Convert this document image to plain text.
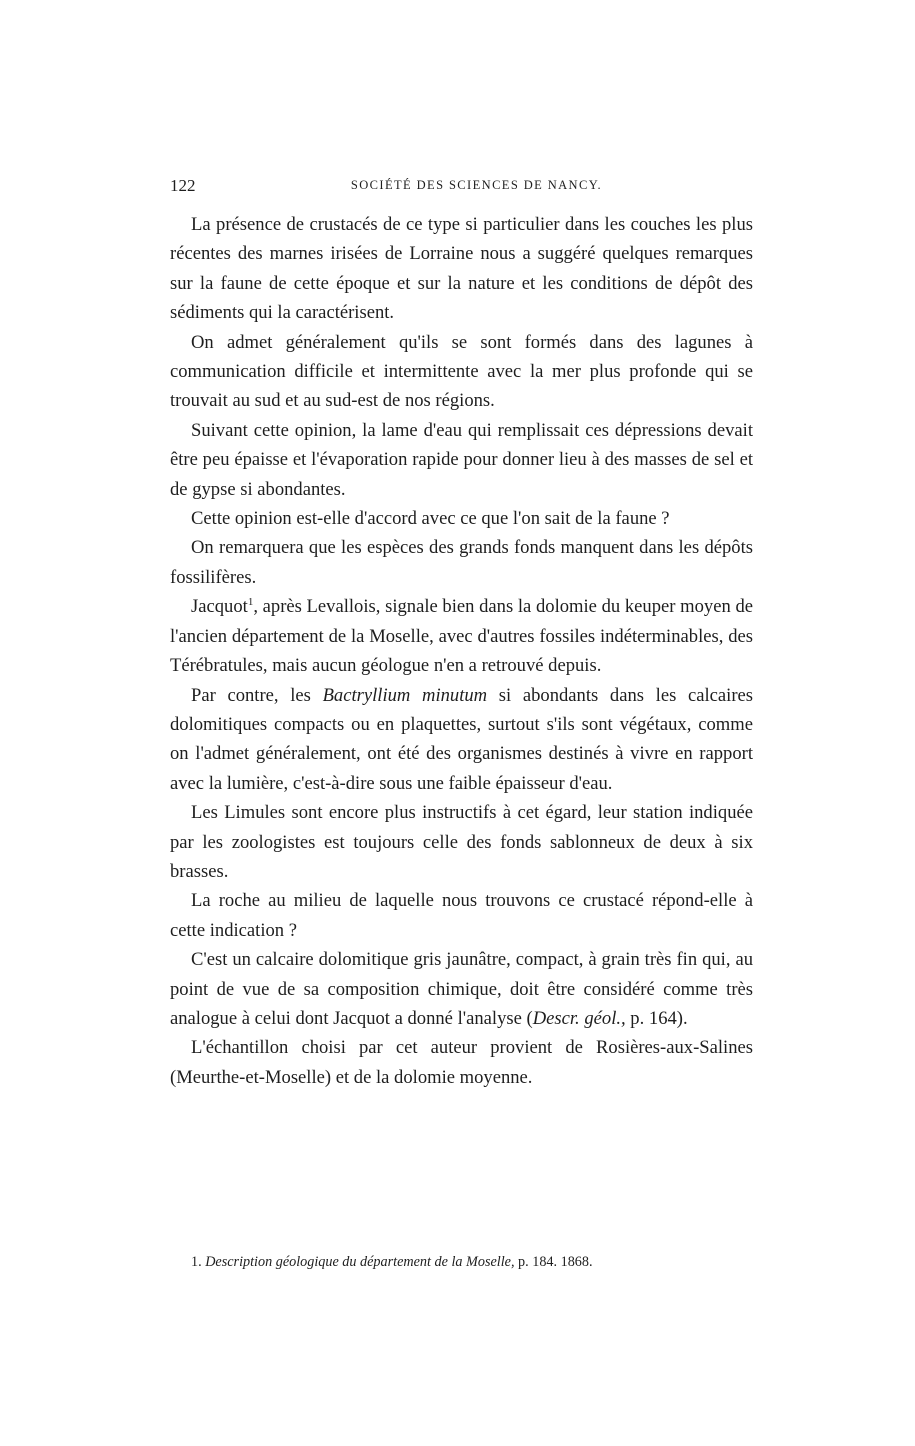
122	SOCIÉTÉ DES SCIENCES DE NANCY.

La présence de crustacés de ce type si particulier dans les couches les plus récentes des marnes irisées de Lorraine nous a suggéré quelques remarques sur la faune de cette époque et sur la nature et les conditions de dépôt des sédiments qui la caractérisent.

On admet généralement qu'ils se sont formés dans des lagunes à communication difficile et intermittente avec la mer plus profonde qui se trouvait au sud et au sud-est de nos régions.

Suivant cette opinion, la lame d'eau qui remplissait ces dépressions devait être peu épaisse et l'évaporation rapide pour donner lieu à des masses de sel et de gypse si abondantes.

Cette opinion est-elle d'accord avec ce que l'on sait de la faune ?

On remarquera que les espèces des grands fonds manquent dans les dépôts fossilifères.

Jacquot$^1$, après Levallois, signale bien dans la dolomie du keuper moyen de l'ancien département de la Moselle, avec d'autres fossiles indéterminables, des Térébratules, mais aucun géologue n'en a retrouvé depuis.

Par contre, les Bactryllium minutum si abondants dans les calcaires dolomitiques compacts ou en plaquettes, surtout s'ils sont végétaux, comme on l'admet généralement, ont été des organismes destinés à vivre en rapport avec la lumière, c'est-à-dire sous une faible épaisseur d'eau.

Les Limules sont encore plus instructifs à cet égard, leur station indiquée par les zoologistes est toujours celle des fonds sablonneux de deux à six brasses.

La roche au milieu de laquelle nous trouvons ce crustacé répond-elle à cette indication ?

C'est un calcaire dolomitique gris jaunâtre, compact, à grain très fin qui, au point de vue de sa composition chimique, doit être considéré comme très analogue à celui dont Jacquot a donné l'analyse (Descr. géol., p. 164).

L'échantillon choisi par cet auteur provient de Rosières-aux-Salines (Meurthe-et-Moselle) et de la dolomie moyenne.

1. Description géologique du département de la Moselle, p. 184. 1868.
